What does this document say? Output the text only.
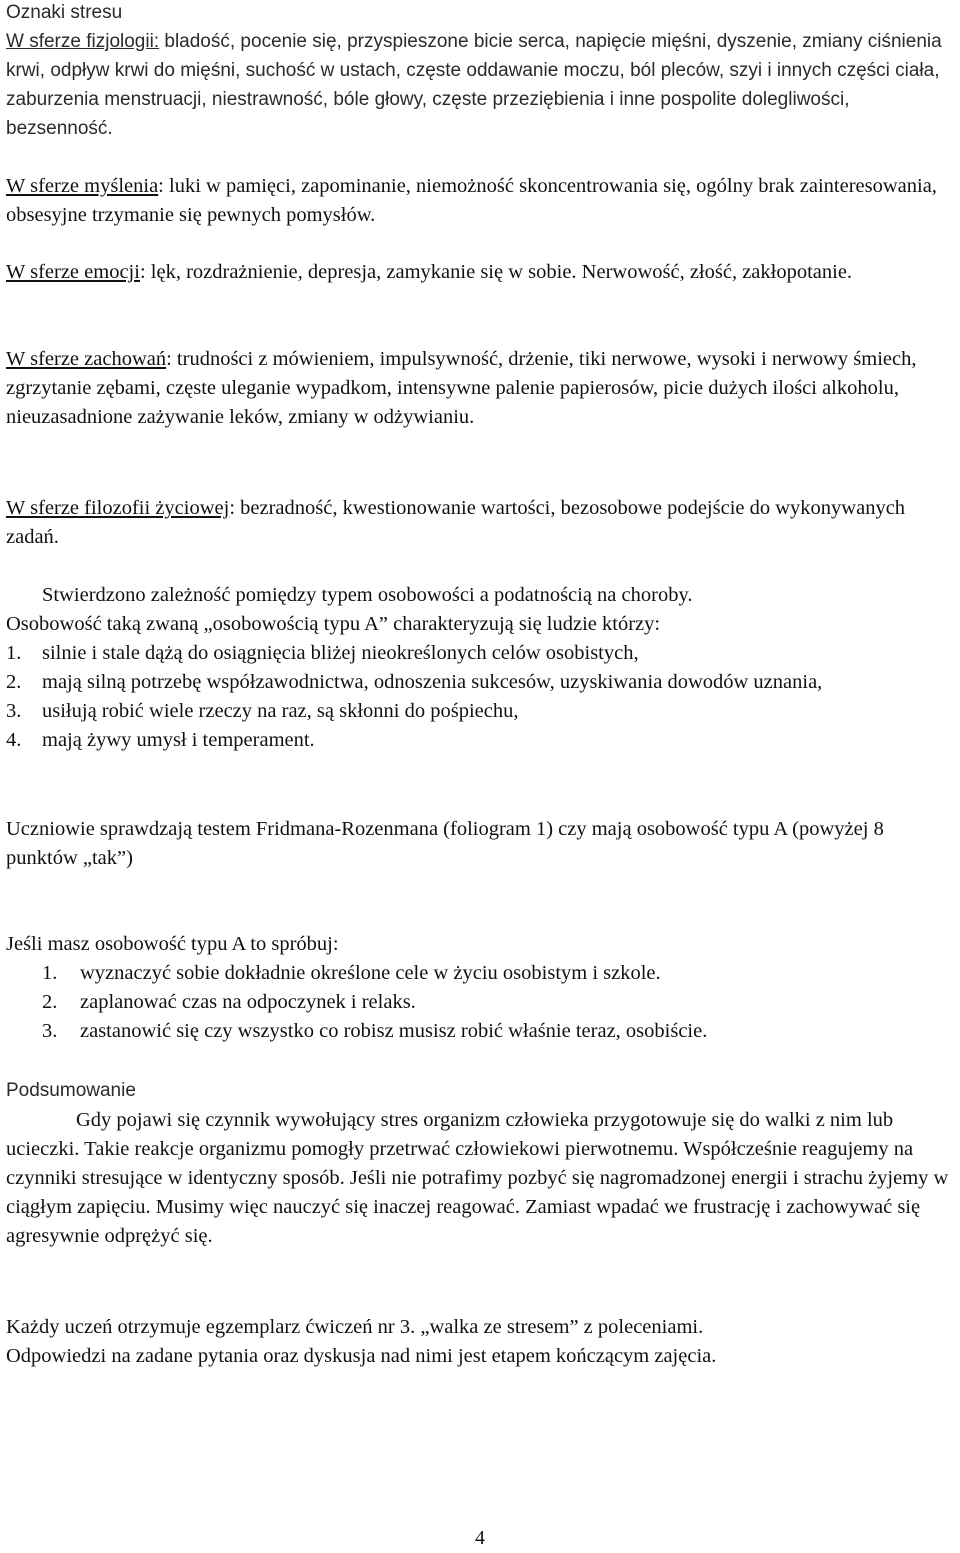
Oznaki stresu

W sferze fizjologii: bladość, pocenie się, przyspieszone bicie serca, napięcie mięśni, dyszenie, zmiany ciśnienia krwi, odpływ krwi do mięśni, suchość w ustach, częste oddawanie moczu, ból pleców, szyi i innych części ciała, zaburzenia menstruacji, niestrawność, bóle głowy, częste przeziębienia i inne pospolite dolegliwości, bezsenność.

W sferze myślenia: luki w pamięci, zapominanie, niemożność skoncentrowania się, ogólny brak zainteresowania, obsesyjne trzymanie się pewnych pomysłów.

W sferze emocji: lęk, rozdrażnienie, depresja, zamykanie się w sobie. Nerwowość, złość, zakłopotanie.

W sferze zachowań: trudności z mówieniem, impulsywność, drżenie, tiki nerwowe, wysoki i nerwowy śmiech, zgrzytanie zębami, częste uleganie wypadkom, intensywne palenie papierosów, picie dużych ilości alkoholu, nieuzasadnione zażywanie leków, zmiany w odżywianiu.

W sferze filozofii życiowej: bezradność, kwestionowanie wartości, bezosobowe podejście do wykonywanych zadań.

Stwierdzono zależność pomiędzy typem osobowości a podatnością na choroby.

Osobowość taką zwaną „osobowością typu A” charakteryzują się ludzie którzy:

1.	silnie i stale dążą do osiągnięcia bliżej nieokreślonych celów osobistych,
2.	mają silną potrzebę współzawodnictwa, odnoszenia sukcesów, uzyskiwania dowodów uznania,
3.	usiłują robić wiele rzeczy na raz, są skłonni do pośpiechu,
4.	mają żywy umysł i temperament.

Uczniowie sprawdzają testem Fridmana-Rozenmana (foliogram 1) czy mają osobowość typu A (powyżej 8 punktów „tak”)

Jeśli masz osobowość typu A to spróbuj:

1.	wyznaczyć sobie dokładnie określone cele w życiu osobistym i szkole.
2.	zaplanować czas na odpoczynek i relaks.
3.	zastanowić się czy wszystko co robisz musisz robić właśnie teraz, osobiście.

Podsumowanie

Gdy pojawi się czynnik wywołujący stres organizm człowieka przygotowuje się do walki z nim lub ucieczki. Takie reakcje organizmu pomogły przetrwać człowiekowi pierwotnemu. Współcześnie reagujemy na czynniki stresujące w identyczny sposób. Jeśli nie potrafimy pozbyć się nagromadzonej energii i strachu żyjemy w ciągłym zapięciu. Musimy więc nauczyć się inaczej reagować. Zamiast wpadać we frustrację i zachowywać się agresywnie odprężyć się.

Każdy uczeń otrzymuje egzemplarz ćwiczeń nr 3. „walka ze stresem” z poleceniami.

Odpowiedzi na zadane pytania oraz dyskusja nad nimi jest etapem kończącym zajęcia.

4
